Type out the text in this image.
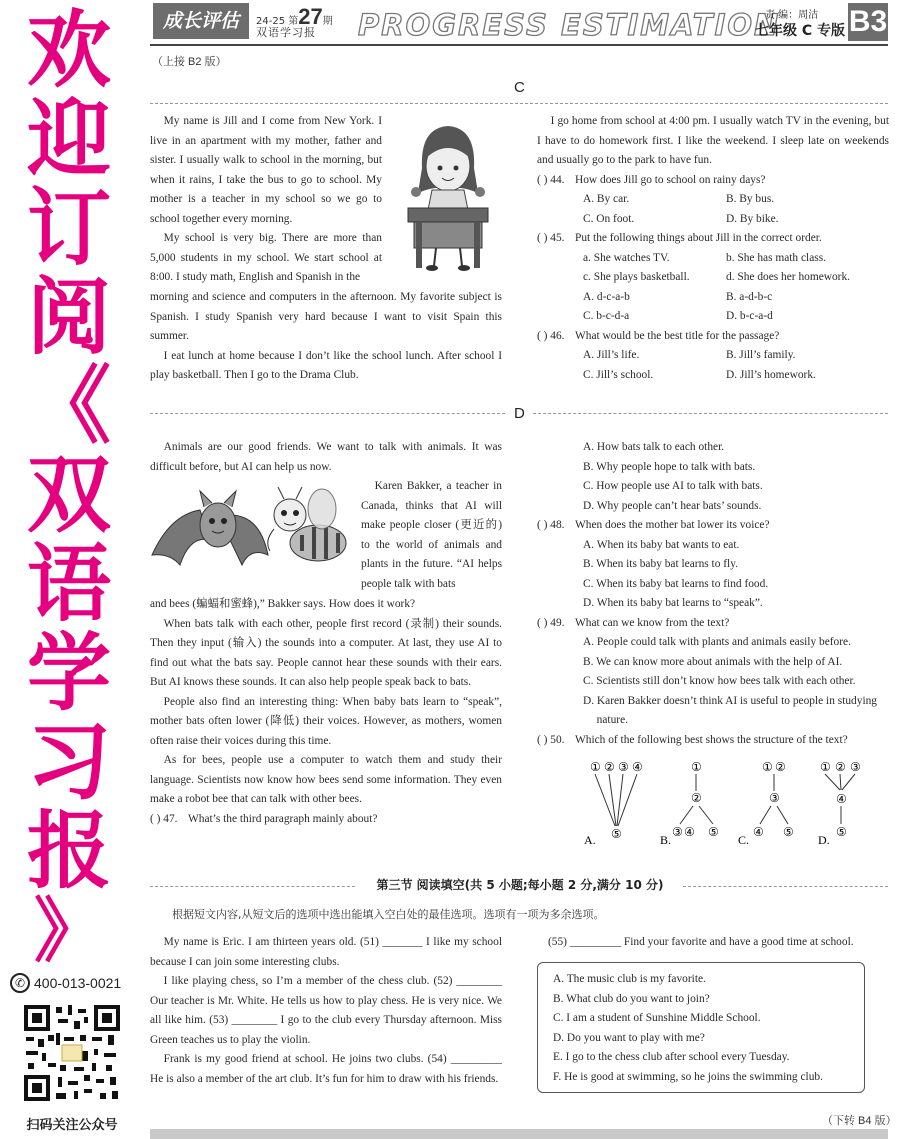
欢
迎
订
阅
《
双
语
学
习
报
》
✆ 400-013-0021
扫码关注公众号
成长评估	24-25 第27期
双语学习报 PROGRESS ESTIMATION
责 编：周洁
七年级 C 专版 B3
（上接 B2 版）
C

My name is Jill and I come from New York. I live in an apartment with my mother, father and sister. I usually walk to school in the morning, but when it rains, I take the bus to go to school. My mother is a teacher in my school so we go to school together every morning.

My school is very big. There are more than 5,000 students in my school. We start school at 8:00. I study math, English and Spanish in the

morning and science and computers in the afternoon. My favorite subject is Spanish. I study Spanish very hard because I want to visit Spain this summer.

I eat lunch at home because I don’t like the school lunch. After school I play basketball. Then I go to the Drama Club.

I go home from school at 4:00 pm. I usually watch TV in the evening, but I have to do homework first. I like the weekend. I sleep late on weekends and usually go to the park to have fun.

( ) 44. How does Jill go to school on rainy days?

A. By car.	B. By bus.
C. On foot.	D. By bike.

( ) 45. Put the following things about Jill in the correct order.

a. She watches TV.	b. She has math class.
c. She plays basketball.	d. She does her homework.
A. d-c-a-b	B. a-d-b-c
C. b-c-d-a	D. b-c-a-d

( ) 46. What would be the best title for the passage?

A. Jill’s life.	B. Jill’s family.
C. Jill’s school.	D. Jill’s homework.
D

Animals are our good friends. We want to talk with animals. It was difficult before, but AI can help us now.

Karen Bakker, a teacher in Canada, thinks that AI will make people closer (更近的) to the world of animals and plants in the future. “AI helps people talk with bats

and bees (蝙蝠和蜜蜂),” Bakker says. How does it work?

When bats talk with each other, people first record (录制) their sounds. Then they input (输入) the sounds into a computer. At last, they use AI to find out what the bats say. People cannot hear these sounds with their ears. But AI knows these sounds. It can also help people speak back to bats.

People also find an interesting thing: When baby bats learn to “speak”, mother bats often lower (降低) their voices. However, as mothers, women often raise their voices during this time.

As for bees, people use a computer to watch them and study their language. Scientists now know how bees send some information. They even make a robot bee that can talk with other bees.

( ) 47. What’s the third paragraph mainly about?

A. How bats talk to each other.

B. Why people hope to talk with bats.

C. How people use AI to talk with bats.

D. Why people can’t hear bats’ sounds.

( ) 48. When does the mother bat lower its voice?

A. When its baby bat wants to eat.

B. When its baby bat learns to fly.

C. When its baby bat learns to find food.

D. When its baby bat learns to “speak”.

( ) 49. What can we know from the text?

A. People could talk with plants and animals easily before.

B. We can know more about animals with the help of AI.

C. Scientists still don’t know how bees talk with each other.

D. Karen Bakker doesn’t think AI is useful to people in studying nature.

( ) 50. Which of the following best shows the structure of the text?

① ② ③ ④
⑤
A.
①
②
③ ④ ⑤
B.
① ②
③
④ ⑤
C.
① ② ③
④
⑤
D.
第三节 阅读填空(共 5 小题;每小题 2 分,满分 10 分)
根据短文内容,从短文后的选项中选出能填入空白处的最佳选项。选项有一项为多余选项。

My name is Eric. I am thirteen years old. (51) _______ I like my school because I can join some interesting clubs.

I like playing chess, so I’m a member of the chess club. (52) ________ Our teacher is Mr. White. He tells us how to play chess. He is very nice. We all like him. (53) ________ I go to the club every Thursday afternoon. Miss Green teaches us to play the violin.

Frank is my good friend at school. He joins two clubs. (54) _________ He is also a member of the art club. It’s fun for him to draw with his friends.

(55) _________ Find your favorite and have a good time at school.
A. The music club is my favorite.
B. What club do you want to join?
C. I am a student of Sunshine Middle School.
D. Do you want to play with me?
E. I go to the chess club after school every Tuesday.
F. He is good at swimming, so he joins the swimming club.
（下转 B4 版）
